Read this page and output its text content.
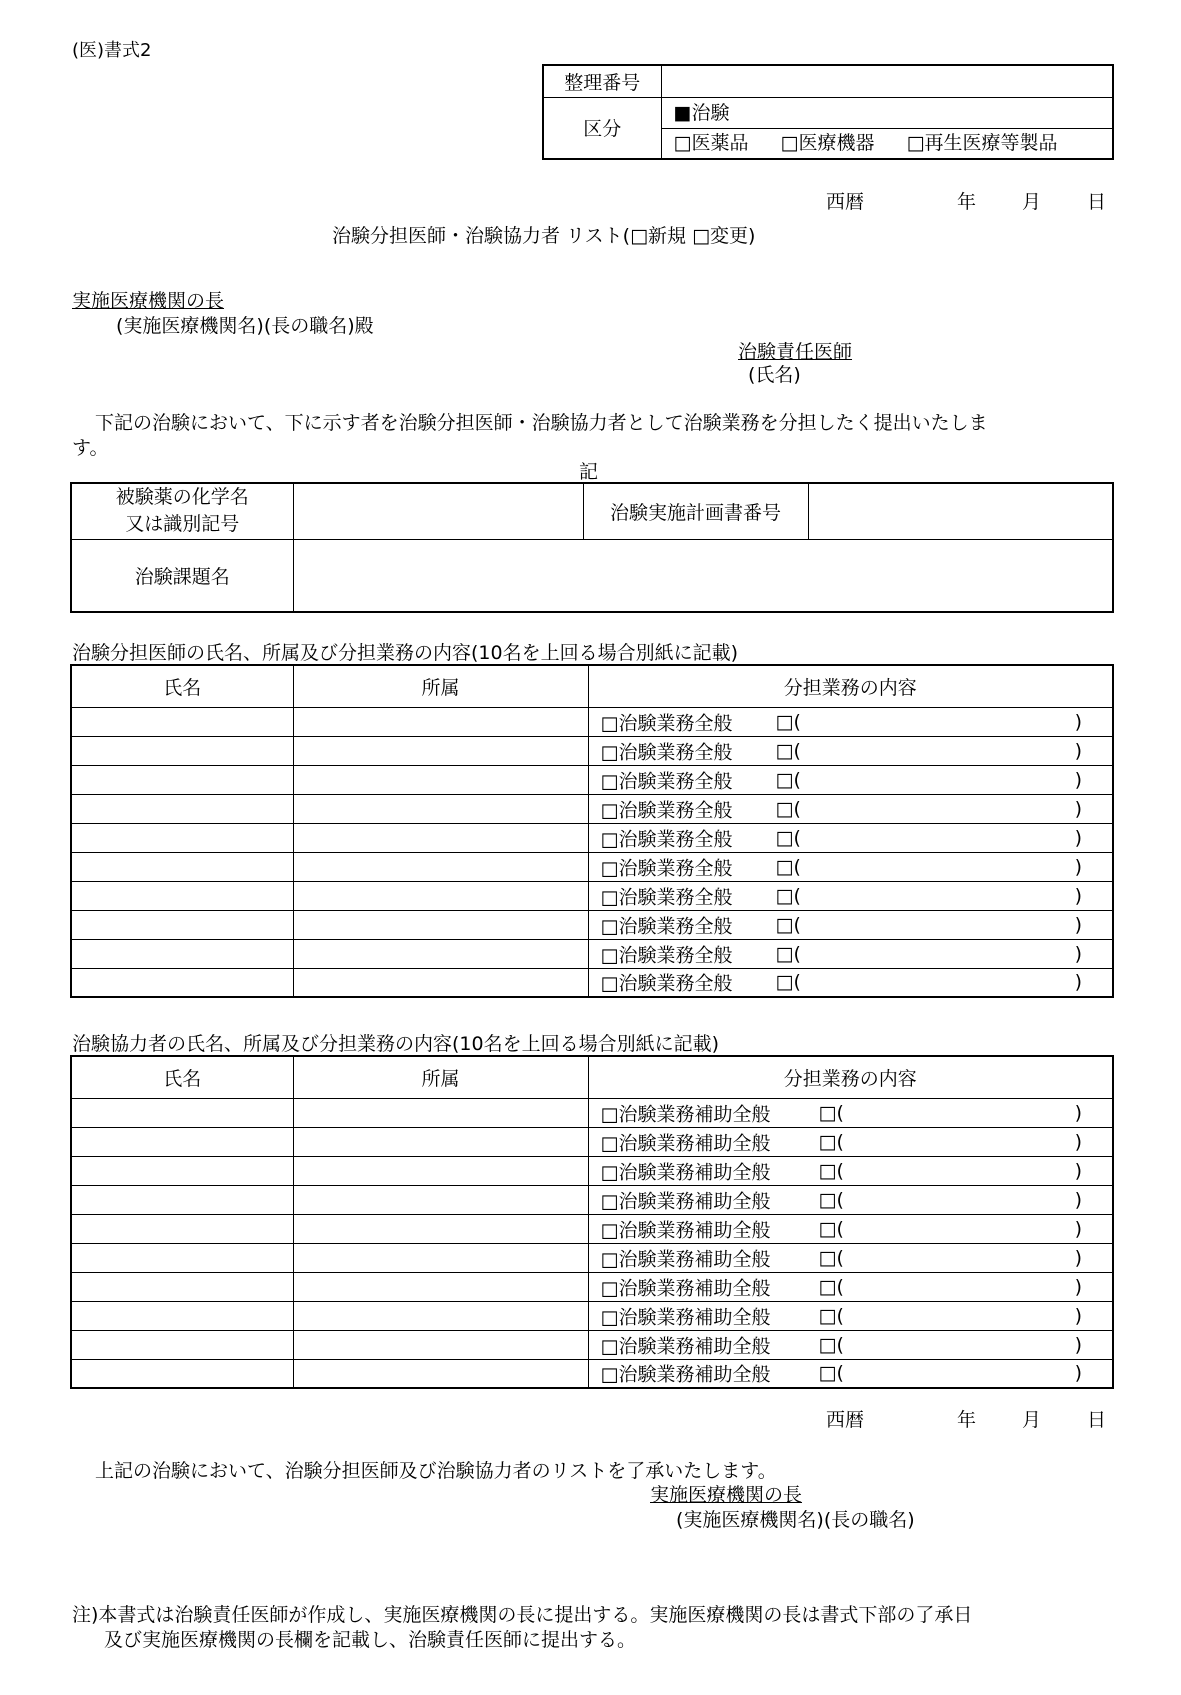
(医)書式2
整理番号	
区分	■治験
□医薬品 □医療機器 □再生医療等製品
西暦	年 月 日
治験分担医師・治験協力者 リスト(□新規 □変更)
実施医療機関の長
(実施医療機関名)(長の職名)殿
治験責任医師
(氏名)
下記の治験において、下に示す者を治験分担医師・治験協力者として治験業務を分担したく提出いたしま
す。
記
被験薬の化学名
又は識別記号		治験実施計画書番号	
治験課題名			
治験分担医師の氏名、所属及び分担業務の内容(10名を上回る場合別紙に記載)
氏名	所属	分担業務の内容

		□治験業務全般 □( )

		□治験業務全般 □( )

		□治験業務全般 □( )

		□治験業務全般 □( )

		□治験業務全般 □( )

		□治験業務全般 □( )

		□治験業務全般 □( )

		□治験業務全般 □( )

		□治験業務全般 □( )

		□治験業務全般 □( )
治験協力者の氏名、所属及び分担業務の内容(10名を上回る場合別紙に記載)
氏名	所属	分担業務の内容

		□治験業務補助全般 □( )

		□治験業務補助全般 □( )

		□治験業務補助全般 □( )

		□治験業務補助全般 □( )

		□治験業務補助全般 □( )

		□治験業務補助全般 □( )

		□治験業務補助全般 □( )

		□治験業務補助全般 □( )

		□治験業務補助全般 □( )

		□治験業務補助全般 □( )
西暦	年 月 日
上記の治験において、治験分担医師及び治験協力者のリストを了承いたします。
実施医療機関の長
(実施医療機関名)(長の職名)
注)本書式は治験責任医師が作成し、実施医療機関の長に提出する。実施医療機関の長は書式下部の了承日
及び実施医療機関の長欄を記載し、治験責任医師に提出する。
